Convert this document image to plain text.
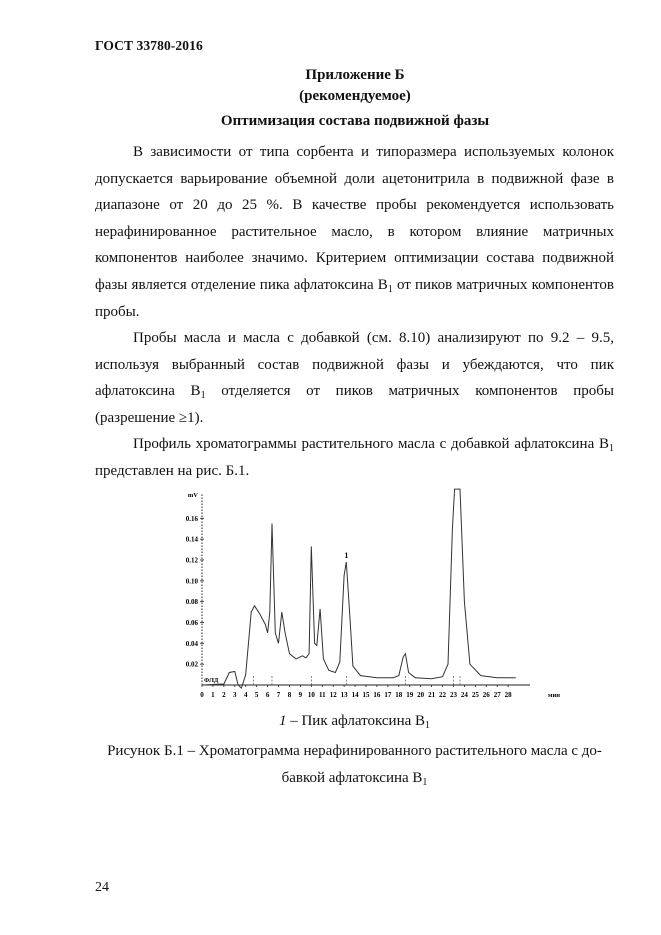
ГОСТ 33780-2016
Приложение Б
(рекомендуемое)
Оптимизация состава подвижной фазы
В зависимости от типа сорбента и типоразмера используемых колонок допускается варьирование объемной доли ацетонитрила в подвижной фазе в диапазоне от 20 до 25 %. В качестве пробы рекомендуется использовать нерафинированное растительное масло, в котором влияние матричных компонентов наиболее значимо. Критерием оптимизации состава подвижной фазы является отделение пика афлатоксина $В_1$ от пиков матричных компонентов пробы.
Пробы масла и масла с добавкой (см. 8.10) анализируют по 9.2 – 9.5, используя выбранный состав подвижной фазы и убеждаются, что пик афлатоксина $В_1$ отделяется от пиков матричных компонентов пробы (разрешение ≥1).
Профиль хроматограммы растительного масла с добавкой афлатоксина $В_1$ представлен на рис. Б.1.
0.02
0.04
0.06
0.08
0.10
0.12
0.14
0.16
mV
0 1 2 3 4 5 6 7 8 9 10 11 12 13 14 15 16 17 18 19 20 21 22 23 24 25 26 27 28	мин
ФЛД
1
1 – Пик афлатоксина $В_1$
Рисунок Б.1 – Хроматограмма нерафинированного растительного масла с до-
бавкой афлатоксина $В_1$
24
